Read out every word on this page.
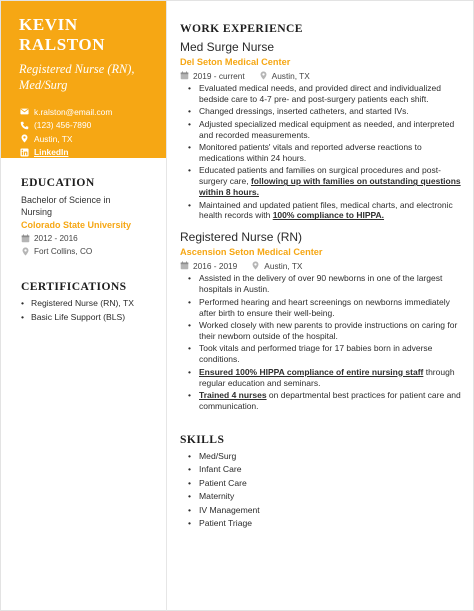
KEVIN RALSTON
Registered Nurse (RN),
Med/Surg
k.ralston@email.com
(123) 456-7890
Austin, TX
LinkedIn
EDUCATION
Bachelor of Science in
Nursing
Colorado State University
2012 - 2016
Fort Collins, CO
CERTIFICATIONS
• Registered Nurse (RN), TX
• Basic Life Support (BLS)
WORK EXPERIENCE
Med Surge Nurse
Del Seton Medical Center
2019 - current	Austin, TX
• Evaluated medical needs, and provided direct and individualized bedside care to 4-7 pre- and post-surgery patients each shift.
• Changed dressings, inserted catheters, and started IVs.
• Adjusted specialized medical equipment as needed, and interpreted and recorded measurements.
• Monitored patients' vitals and reported adverse reactions to medications within 24 hours.
• Educated patients and families on surgical procedures and post-surgery care, following up with families on outstanding questions within 8 hours.
• Maintained and updated patient files, medical charts, and electronic health records with 100% compliance to HIPPA.
Registered Nurse (RN)
Ascension Seton Medical Center
2016 - 2019	Austin, TX
• Assisted in the delivery of over 90 newborns in one of the largest hospitals in Austin.
• Performed hearing and heart screenings on newborns immediately after birth to ensure their well-being.
• Worked closely with new parents to provide instructions on caring for their newborn outside of the hospital.
• Took vitals and performed triage for 17 babies born in adverse conditions.
• Ensured 100% HIPPA compliance of entire nursing staff through regular education and seminars.
• Trained 4 nurses on departmental best practices for patient care and communication.
SKILLS
• Med/Surg
• Infant Care
• Patient Care
• Maternity
• IV Management
• Patient Triage
